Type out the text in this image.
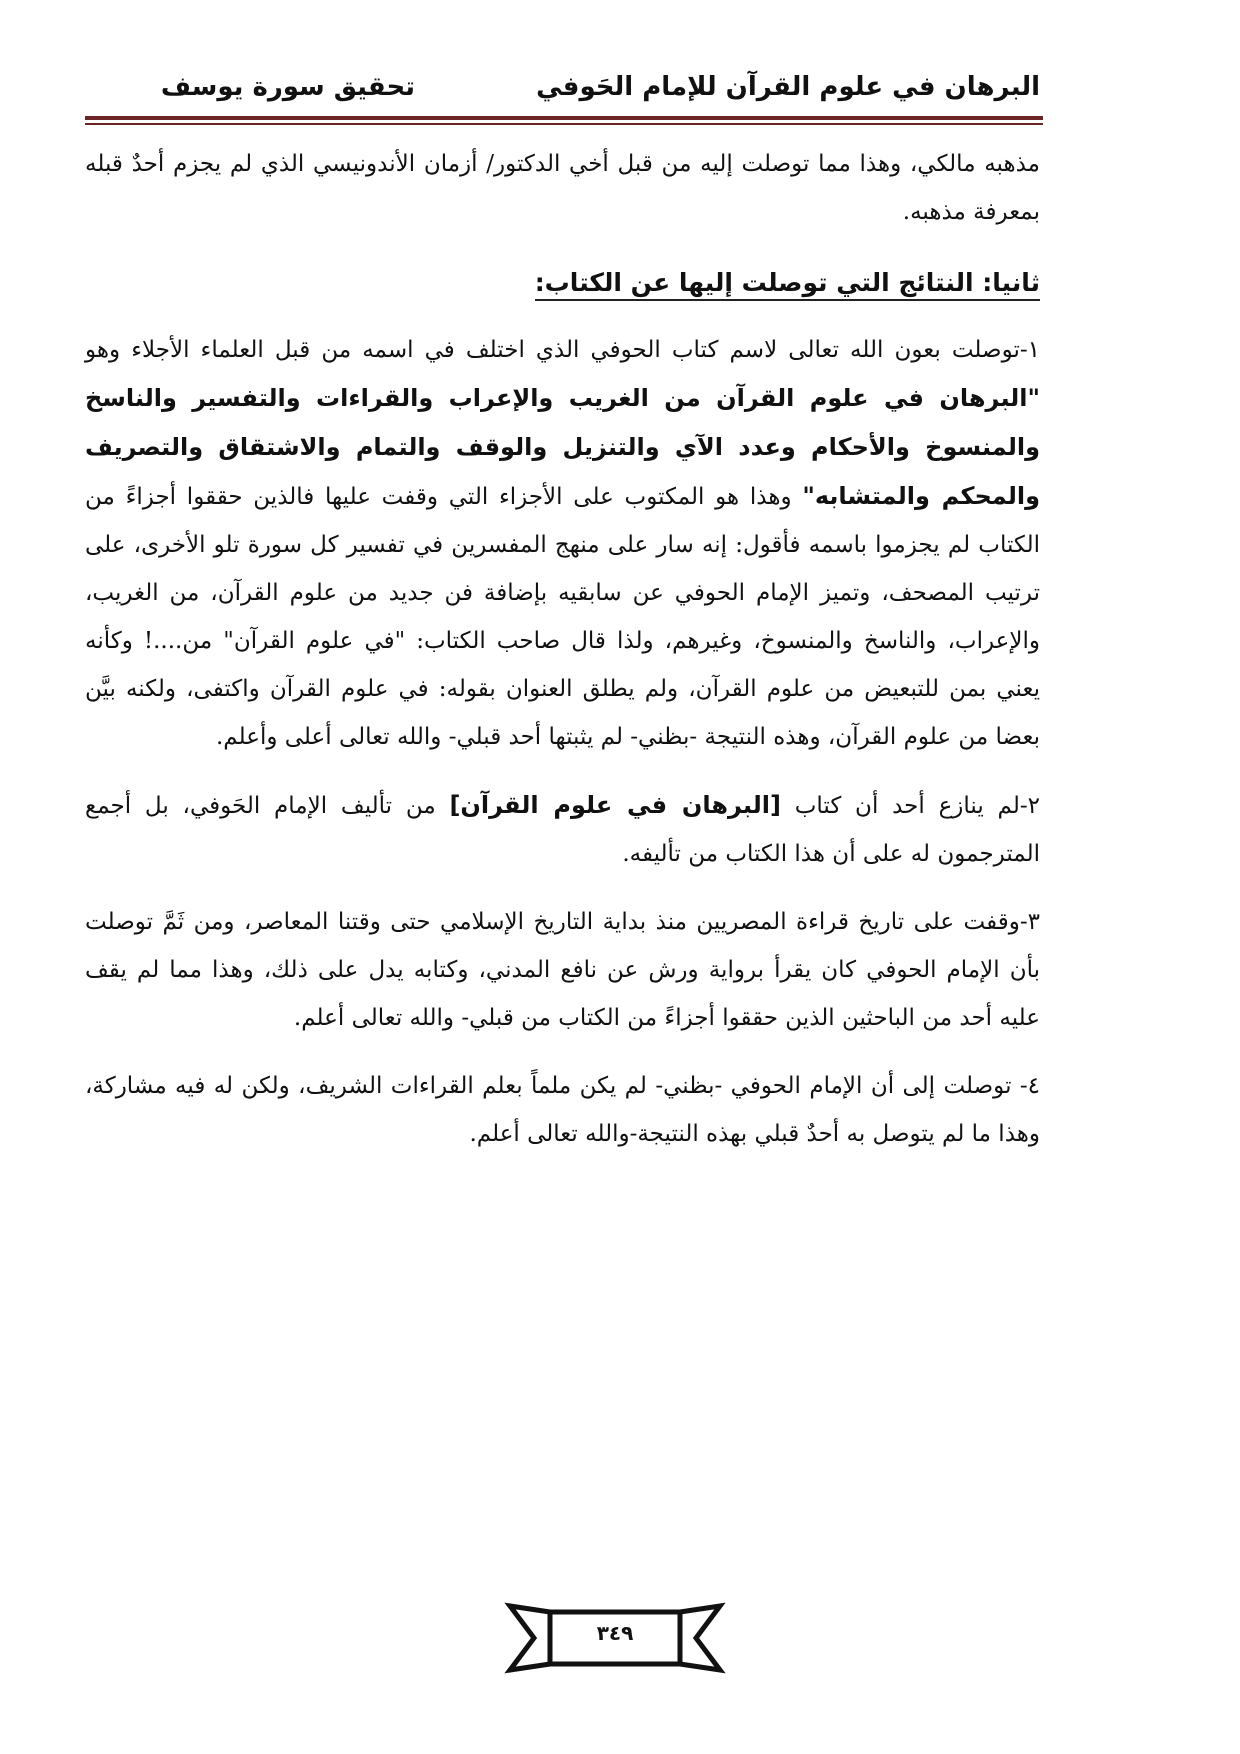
البرهان في علوم القرآن للإمام الحَوفي
تحقيق سورة يوسف

مذهبه مالكي، وهذا مما توصلت إليه من قبل أخي الدكتور/ أزمان الأندونيسي الذي لم يجزم أحدٌ قبله بمعرفة مذهبه.

ثانيا: النتائج التي توصلت إليها عن الكتاب:

١-توصلت بعون الله تعالى لاسم كتاب الحوفي الذي اختلف في اسمه من قبل العلماء الأجلاء وهو "البرهان في علوم القرآن من الغريب والإعراب والقراءات والتفسير والناسخ والمنسوخ والأحكام وعدد الآي والتنزيل والوقف والتمام والاشتقاق والتصريف والمحكم والمتشابه" وهذا هو المكتوب على الأجزاء التي وقفت عليها فالذين حققوا أجزاءً من الكتاب لم يجزموا باسمه فأقول: إنه سار على منهج المفسرين في تفسير كل سورة تلو الأخرى، على ترتيب المصحف، وتميز الإمام الحوفي عن سابقيه بإضافة فن جديد من علوم القرآن، من الغريب، والإعراب، والناسخ والمنسوخ، وغيرهم، ولذا قال صاحب الكتاب: "في علوم القرآن" من....! وكأنه يعني بمن للتبعيض من علوم القرآن، ولم يطلق العنوان بقوله: في علوم القرآن واكتفى، ولكنه بيَّن بعضا من علوم القرآن، وهذه النتيجة -بظني- لم يثبتها أحد قبلي- والله تعالى أعلى وأعلم.

٢-لم ينازع أحد أن كتاب [البرهان في علوم القرآن] من تأليف الإمام الحَوفي، بل أجمع المترجمون له على أن هذا الكتاب من تأليفه.

٣-وقفت على تاريخ قراءة المصريين منذ بداية التاريخ الإسلامي حتى وقتنا المعاصر، ومن ثَمَّ توصلت بأن الإمام الحوفي كان يقرأ برواية ورش عن نافع المدني، وكتابه يدل على ذلك، وهذا مما لم يقف عليه أحد من الباحثين الذين حققوا أجزاءً من الكتاب من قبلي- والله تعالى أعلم.

٤- توصلت إلى أن الإمام الحوفي -بظني- لم يكن ملماً بعلم القراءات الشريف، ولكن له فيه مشاركة، وهذا ما لم يتوصل به أحدٌ قبلي بهذه النتيجة-والله تعالى أعلم.

٣٤٩
